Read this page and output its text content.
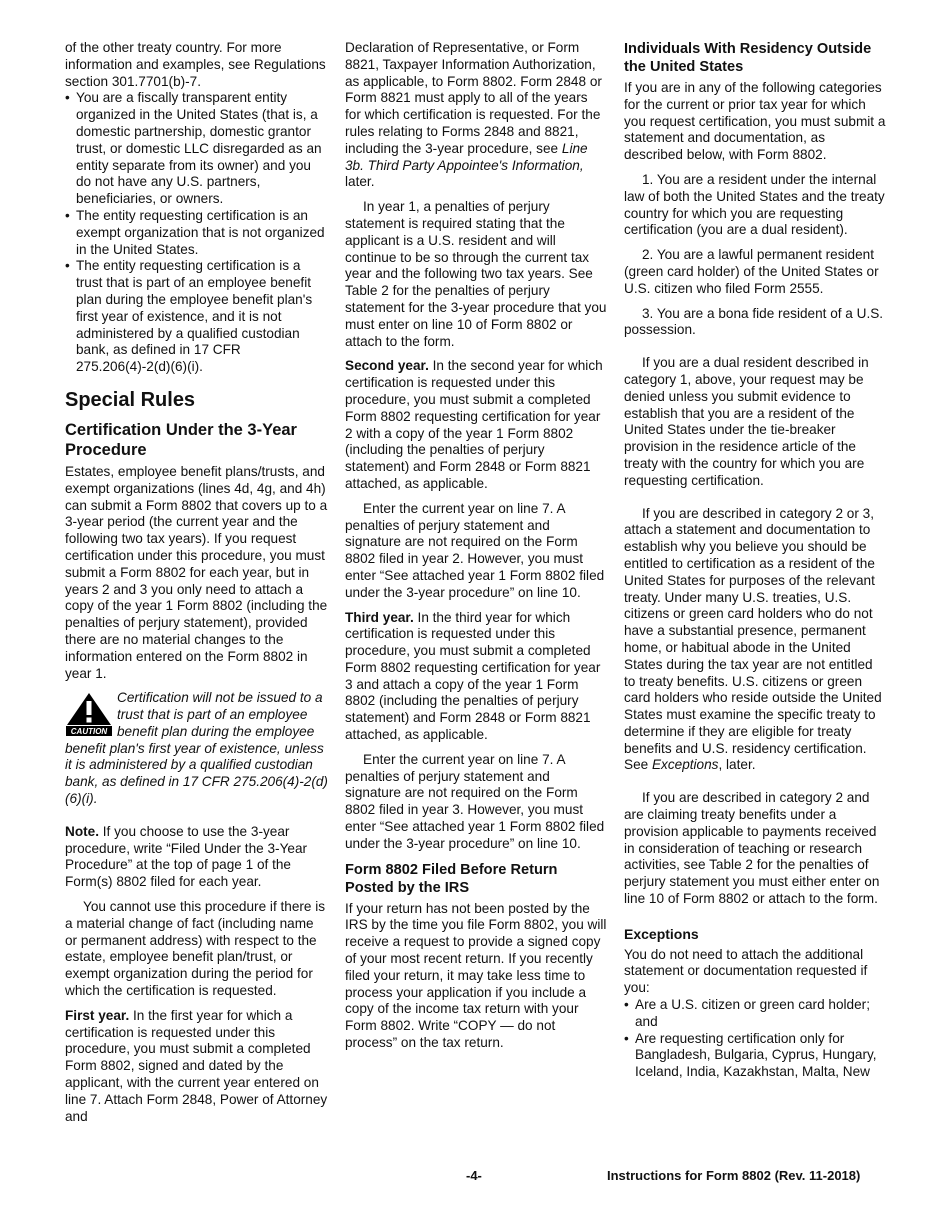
of the other treaty country. For more information and examples, see Regulations section 301.7701(b)-7.

• You are a fiscally transparent entity organized in the United States (that is, a domestic partnership, domestic grantor trust, or domestic LLC disregarded as an entity separate from its owner) and you do not have any U.S. partners, beneficiaries, or owners.
• The entity requesting certification is an exempt organization that is not organized in the United States.
• The entity requesting certification is a trust that is part of an employee benefit plan during the employee benefit plan's first year of existence, and it is not administered by a qualified custodian bank, as defined in 17 CFR 275.206(4)-2(d)(6)(i).
Special Rules
Certification Under the 3-Year Procedure

Estates, employee benefit plans/trusts, and exempt organizations (lines 4d, 4g, and 4h) can submit a Form 8802 that covers up to a 3-year period (the current year and the following two tax years). If you request certification under this procedure, you must submit a Form 8802 for each year, but in years 2 and 3 you only need to attach a copy of the year 1 Form 8802 (including the penalties of perjury statement), provided there are no material changes to the information entered on the Form 8802 in year 1.

CAUTION
Certification will not be issued to a trust that is part of an employee benefit plan during the employee benefit plan's first year of existence, unless it is administered by a qualified custodian bank, as defined in 17 CFR 275.206(4)-2(d)(6)(i).

Note. If you choose to use the 3-year procedure, write “Filed Under the 3-Year Procedure” at the top of page 1 of the Form(s) 8802 filed for each year.

You cannot use this procedure if there is a material change of fact (including name or permanent address) with respect to the estate, employee benefit plan/trust, or exempt organization during the period for which the certification is requested.

First year. In the first year for which a certification is requested under this procedure, you must submit a completed Form 8802, signed and dated by the applicant, with the current year entered on line 7. Attach Form 2848, Power of Attorney and

Declaration of Representative, or Form 8821, Taxpayer Information Authorization, as applicable, to Form 8802. Form 2848 or Form 8821 must apply to all of the years for which certification is requested. For the rules relating to Forms 2848 and 8821, including the 3-year procedure, see Line 3b. Third Party Appointee's Information, later.

In year 1, a penalties of perjury statement is required stating that the applicant is a U.S. resident and will continue to be so through the current tax year and the following two tax years. See Table 2 for the penalties of perjury statement for the 3-year procedure that you must enter on line 10 of Form 8802 or attach to the form.

Second year. In the second year for which certification is requested under this procedure, you must submit a completed Form 8802 requesting certification for year 2 with a copy of the year 1 Form 8802 (including the penalties of perjury statement) and Form 2848 or Form 8821 attached, as applicable.

Enter the current year on line 7. A penalties of perjury statement and signature are not required on the Form 8802 filed in year 2. However, you must enter “See attached year 1 Form 8802 filed under the 3-year procedure” on line 10.

Third year. In the third year for which certification is requested under this procedure, you must submit a completed Form 8802 requesting certification for year 3 and attach a copy of the year 1 Form 8802 (including the penalties of perjury statement) and Form 2848 or Form 8821 attached, as applicable.

Enter the current year on line 7. A penalties of perjury statement and signature are not required on the Form 8802 filed in year 3. However, you must enter “See attached year 1 Form 8802 filed under the 3-year procedure” on line 10.

Form 8802 Filed Before Return Posted by the IRS

If your return has not been posted by the IRS by the time you file Form 8802, you will receive a request to provide a signed copy of your most recent return. If you recently filed your return, it may take less time to process your application if you include a copy of the income tax return with your Form 8802. Write “COPY — do not process” on the tax return.

Individuals With Residency Outside the United States

If you are in any of the following categories for the current or prior tax year for which you request certification, you must submit a statement and documentation, as described below, with Form 8802.

1. You are a resident under the internal law of both the United States and the treaty country for which you are requesting certification (you are a dual resident).

2. You are a lawful permanent resident (green card holder) of the United States or U.S. citizen who filed Form 2555.

3. You are a bona fide resident of a U.S. possession.

If you are a dual resident described in category 1, above, your request may be denied unless you submit evidence to establish that you are a resident of the United States under the tie-breaker provision in the residence article of the treaty with the country for which you are requesting certification.

If you are described in category 2 or 3, attach a statement and documentation to establish why you believe you should be entitled to certification as a resident of the United States for purposes of the relevant treaty. Under many U.S. treaties, U.S. citizens or green card holders who do not have a substantial presence, permanent home, or habitual abode in the United States during the tax year are not entitled to treaty benefits. U.S. citizens or green card holders who reside outside the United States must examine the specific treaty to determine if they are eligible for treaty benefits and U.S. residency certification. See Exceptions, later.

If you are described in category 2 and are claiming treaty benefits under a provision applicable to payments received in consideration of teaching or research activities, see Table 2 for the penalties of perjury statement you must either enter on line 10 of Form 8802 or attach to the form.

Exceptions

You do not need to attach the additional statement or documentation requested if you:

• Are a U.S. citizen or green card holder; and
• Are requesting certification only for Bangladesh, Bulgaria, Cyprus, Hungary, Iceland, India, Kazakhstan, Malta, New
-4-	Instructions for Form 8802 (Rev. 11-2018)
